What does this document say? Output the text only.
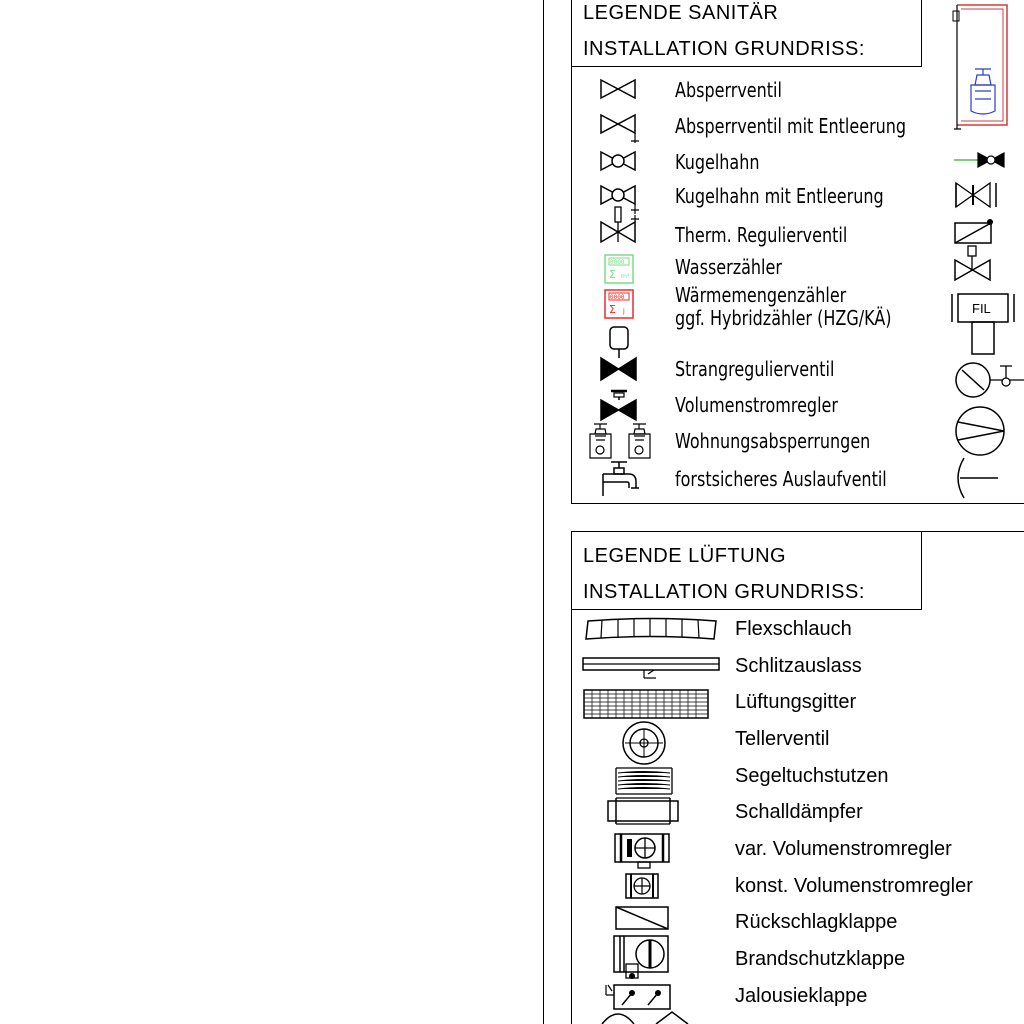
LEGENDE SANITÄR
INSTALLATION GRUNDRISS:
Absperrventil
Absperrventil mit Entleerung
Kugelhahn
Kugelhahn mit Entleerung
Therm. Regulierventil
Wasserzähler
Wärmemengenzähler
ggf. Hybridzähler (HZG/KÄ)
Strangregulierventil
Volumenstromregler
Wohnungsabsperrungen
forstsicheres Auslaufventil
0000
Σ m³
0000
Σ J	FIL
LEGENDE LÜFTUNG
INSTALLATION GRUNDRISS:
Flexschlauch
Schlitzauslass
Lüftungsgitter
Tellerventil
Segeltuchstutzen
Schalldämpfer
var. Volumenstromregler
konst. Volumenstromregler
Rückschlagklappe
Brandschutzklappe
Jalousieklappe
